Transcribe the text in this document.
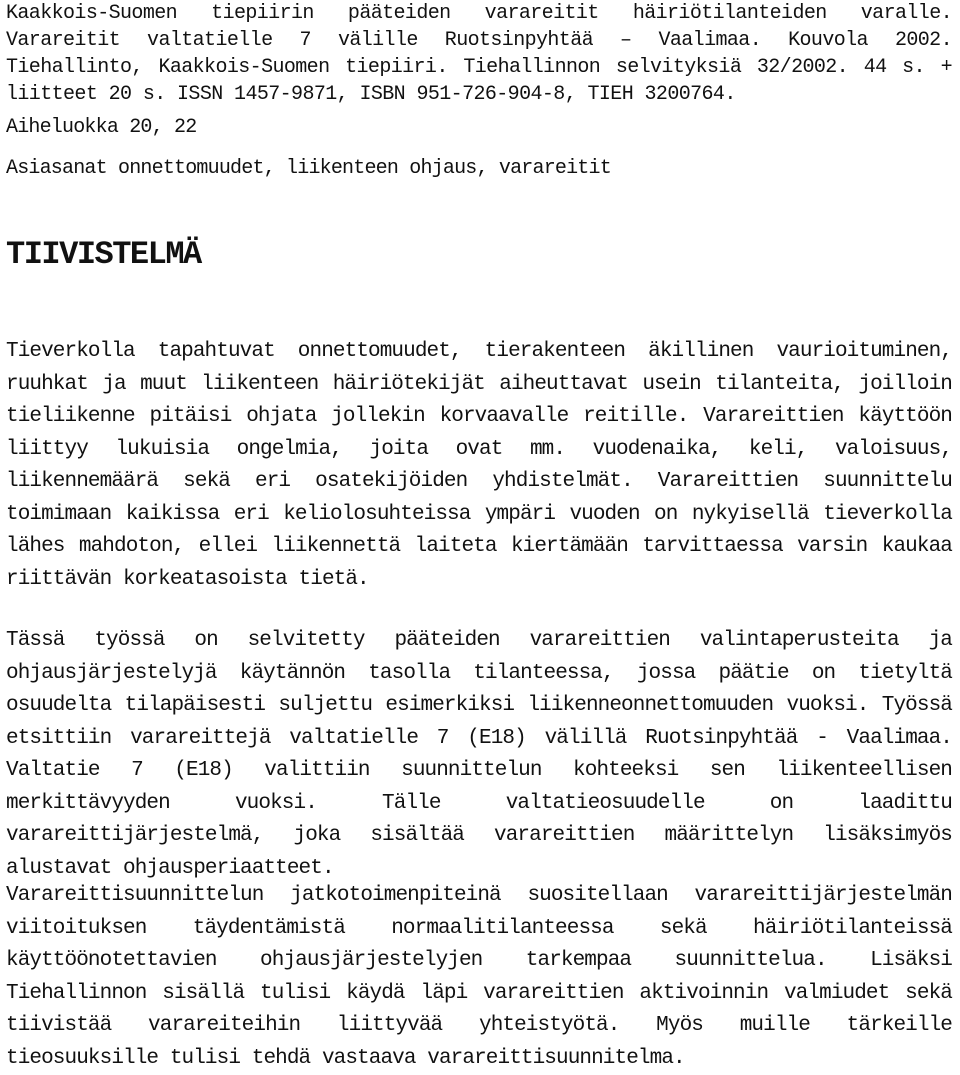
Kaakkois-Suomen tiepiirin pääteiden varareitit häiriötilanteiden varalle. Varareitit valtatielle 7 välille Ruotsinpyhtää – Vaalimaa. Kouvola 2002. Tiehallinto, Kaakkois-Suomen tiepiiri. Tiehallinnon selvityksiä 32/2002. 44 s. + liitteet 20 s. ISSN 1457-9871, ISBN 951-726-904-8, TIEH 3200764.

Aiheluokka 20, 22

Asiasanat onnettomuudet, liikenteen ohjaus, varareitit

TIIVISTELMÄ

Tieverkolla tapahtuvat onnettomuudet, tierakenteen äkillinen vaurioituminen, ruuhkat ja muut liikenteen häiriötekijät aiheuttavat usein tilanteita, joilloin tieliikenne pitäisi ohjata jollekin korvaavalle reitille. Varareittien käyttöön liittyy lukuisia ongelmia, joita ovat mm. vuodenaika, keli, valoisuus, liikennemäärä sekä eri osatekijöiden yhdistelmät. Varareittien suunnittelu toimimaan kaikissa eri keliolosuhteissa ympäri vuoden on nykyisellä tieverkolla lähes mahdoton, ellei liikennettä laiteta kiertämään tarvittaessa varsin kaukaa riittävän korkeatasoista tietä.

Tässä työssä on selvitetty pääteiden varareittien valintaperusteita ja ohjausjärjestelyjä käytännön tasolla tilanteessa, jossa päätie on tietyltä osuudelta tilapäisesti suljettu esimerkiksi liikenneonnettomuuden vuoksi. Työssä etsittiin varareittejä valtatielle 7 (E18) välillä Ruotsinpyhtää - Vaalimaa. Valtatie 7 (E18) valittiin suunnittelun kohteeksi sen liikenteellisen merkittävyyden vuoksi. Tälle valtatieosuudelle on laadittu varareittijärjestelmä, joka sisältää varareittien määrittelyn lisäksimyös alustavat ohjausperiaatteet.

Varareittisuunnittelun jatkotoimenpiteinä suositellaan varareittijärjestelmän viitoituksen täydentämistä normaalitilanteessa sekä häiriötilanteissä käyttöönotettavien ohjausjärjestelyjen tarkempaa suunnittelua. Lisäksi Tiehallinnon sisällä tulisi käydä läpi varareittien aktivoinnin valmiudet sekä tiivistää varareiteihin liittyvää yhteistyötä. Myös muille tärkeille tieosuuksille tulisi tehdä vastaava varareittisuunnitelma.
